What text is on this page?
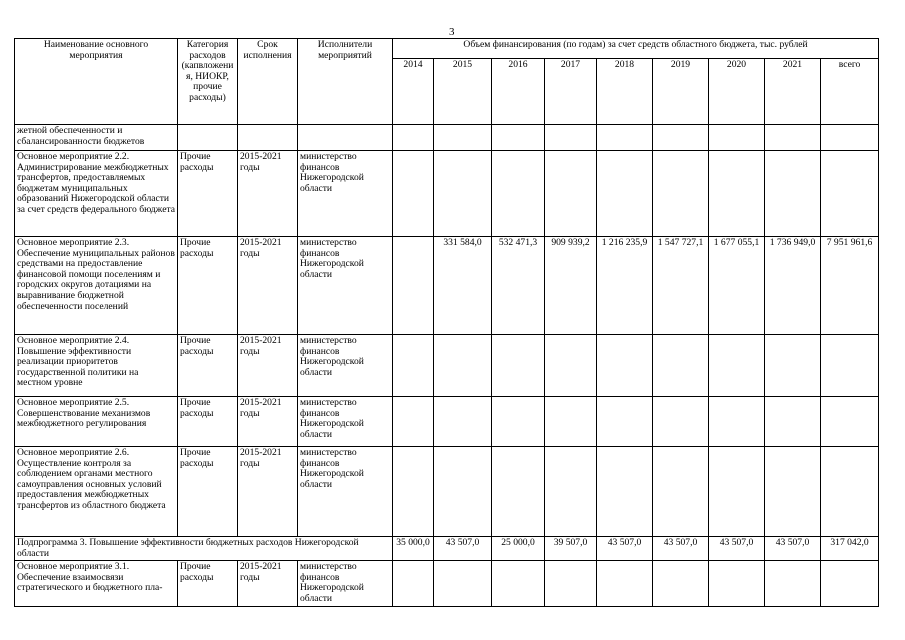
3
Наименование основного мероприятия	Категория расходов (капвложения, НИОКР, прочие расходы)	Срок исполнения	Исполнители мероприятий	Объем финансирования (по годам) за счет средств областного бюджета, тыс. рублей								
				2014	2015	2016	2017	2018	2019	2020	2021	всего
жетной обеспеченности и сбалансированности бюджетов												
Основное мероприятие 2.2. Администрирование межбюджетных трансфертов, предоставляемых бюджетам муниципальных образований Нижегородской области за счет средств федерального бюджета	Прочие расходы	2015-2021 годы	министерство финансов Нижегородской области									
Основное мероприятие 2.3. Обеспечение муниципальных районов средствами на предоставление финансовой помощи поселениям и городских округов дотациями на выравнивание бюджетной обеспеченности поселений	Прочие расходы	2015-2021 годы	министерство финансов Нижегородской области		331 584,0	532 471,3	909 939,2	1 216 235,9	1 547 727,1	1 677 055,1	1 736 949,0	7 951 961,6
Основное мероприятие 2.4. Повышение эффективности реализации приоритетов государственной политики на местном уровне	Прочие расходы	2015-2021 годы	министерство финансов Нижегородской области									
Основное мероприятие 2.5. Совершенствование механизмов межбюджетного регулирования	Прочие расходы	2015-2021 годы	министерство финансов Нижегородской области									
Основное мероприятие 2.6. Осуществление контроля за соблюдением органами местного самоуправления основных условий предоставления межбюджетных трансфертов из областного бюджета	Прочие расходы	2015-2021 годы	министерство финансов Нижегородской области									
Подпрограмма 3. Повышение эффективности бюджетных расходов Нижегородской области				35 000,0	43 507,0	25 000,0	39 507,0	43 507,0	43 507,0	43 507,0	43 507,0	317 042,0
Основное мероприятие 3.1. Обеспечение взаимосвязи стратегического и бюджетного пла-	Прочие расходы	2015-2021 годы	министерство финансов Нижегородской области									
